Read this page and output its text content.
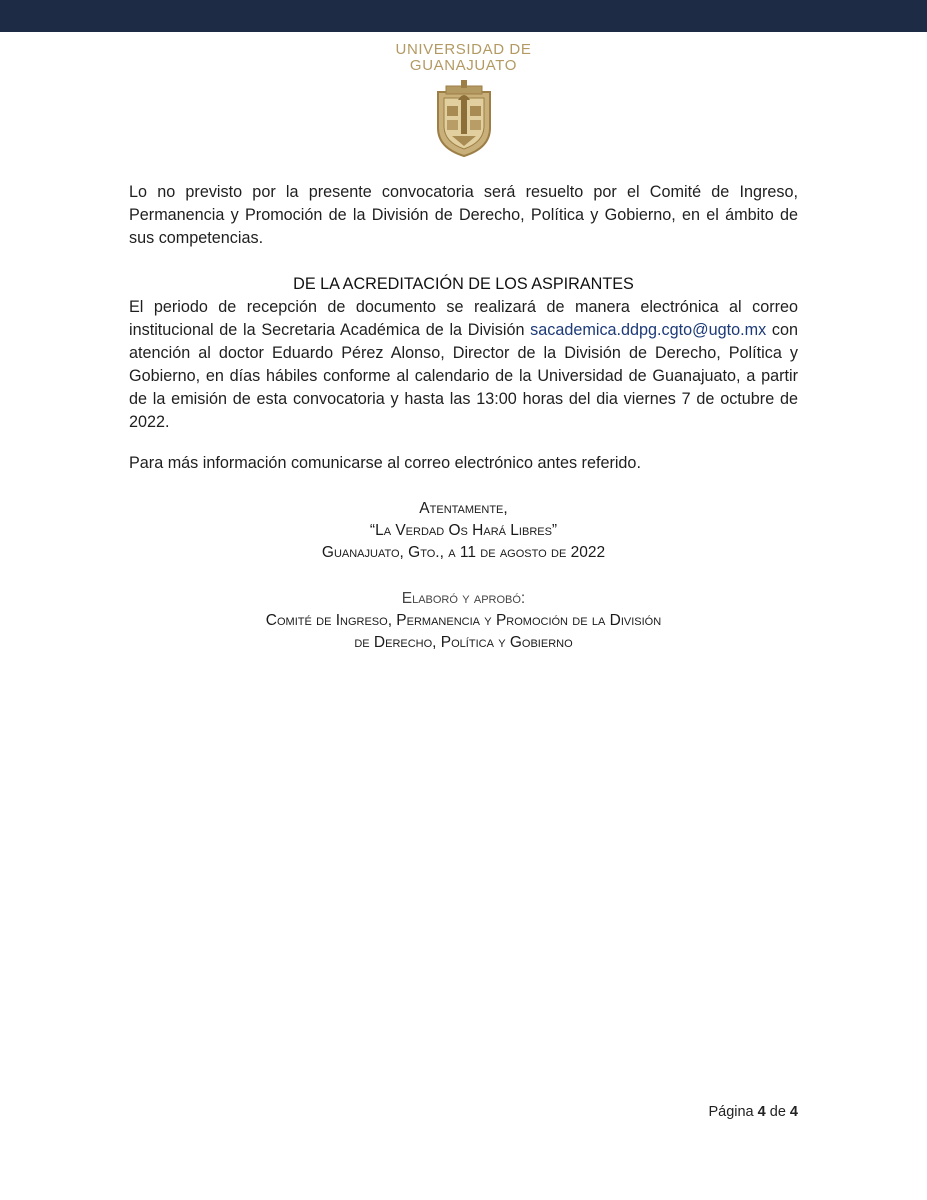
UNIVERSIDAD DE
GUANAJUATO
Lo no previsto por la presente convocatoria será resuelto por el Comité de Ingreso, Permanencia y Promoción de la División de Derecho, Política y Gobierno, en el ámbito de sus competencias.
DE LA ACREDITACIÓN DE LOS ASPIRANTES
El periodo de recepción de documento se realizará de manera electrónica al correo institucional de la Secretaria Académica de la División sacademica.ddpg.cgto@ugto.mx con atención al doctor Eduardo Pérez Alonso, Director de la División de Derecho, Política y Gobierno, en días hábiles conforme al calendario de la Universidad de Guanajuato, a partir de la emisión de esta convocatoria y hasta las 13:00 horas del dia viernes 7 de octubre de 2022.
Para más información comunicarse al correo electrónico antes referido.
Atentamente,
“La Verdad Os Hará Libres”
Guanajuato, Gto., a 11 de agosto de 2022
Elaboró y aprobó:
Comité de Ingreso, Permanencia y Promoción de la División
de Derecho, Política y Gobierno
Página 4 de 4
